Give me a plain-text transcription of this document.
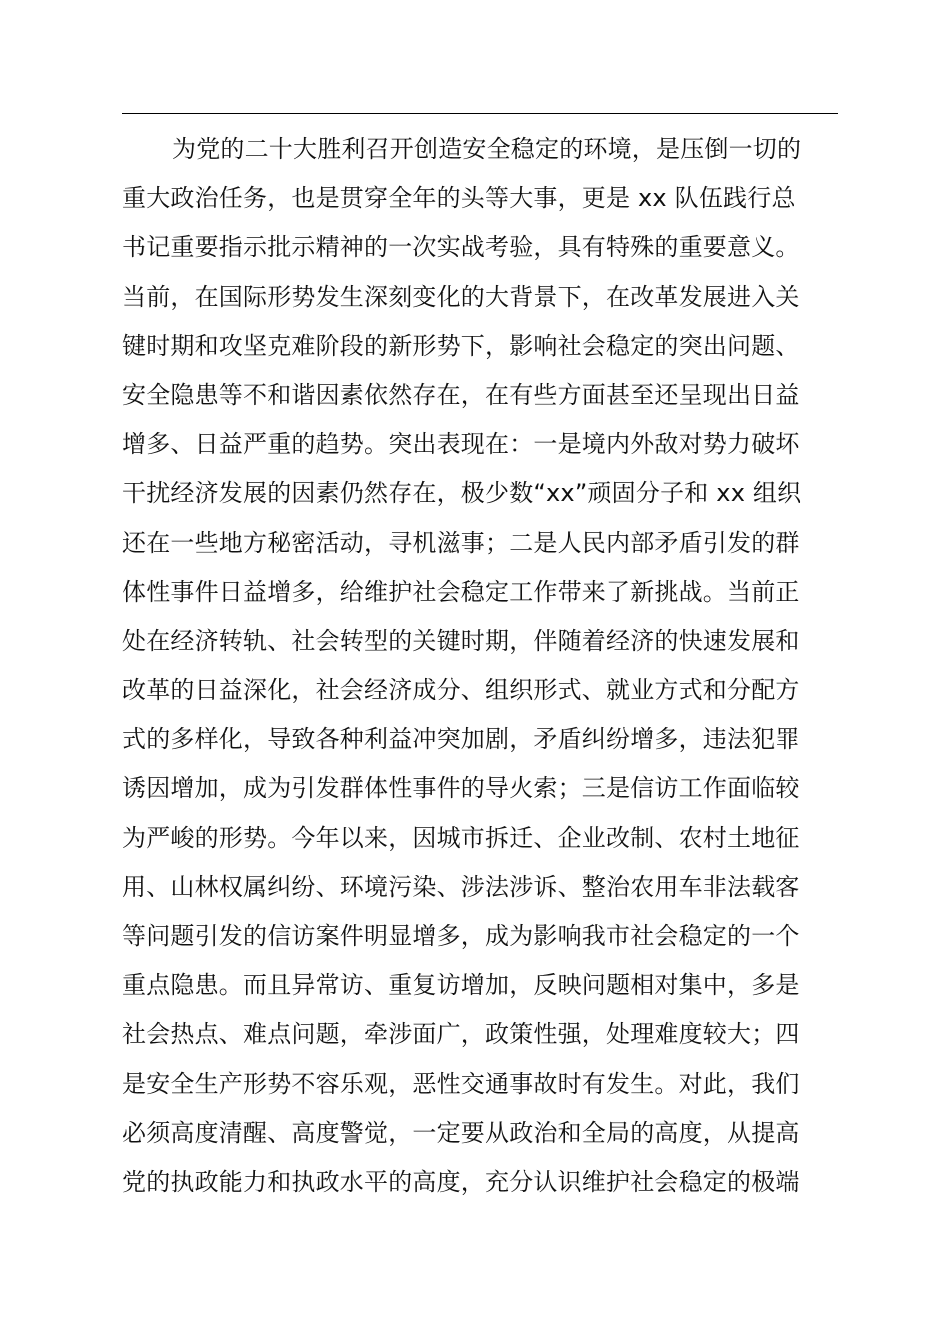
为党的二十大胜利召开创造安全稳定的环境，是压倒一切的
重大政治任务，也是贯穿全年的头等大事，更是 xx 队伍践行总
书记重要指示批示精神的一次实战考验，具有特殊的重要意义。
当前，在国际形势发生深刻变化的大背景下，在改革发展进入关
键时期和攻坚克难阶段的新形势下，影响社会稳定的突出问题、
安全隐患等不和谐因素依然存在，在有些方面甚至还呈现出日益
增多、日益严重的趋势。突出表现在：一是境内外敌对势力破坏
干扰经济发展的因素仍然存在，极少数“xx”顽固分子和 xx 组织
还在一些地方秘密活动，寻机滋事；二是人民内部矛盾引发的群
体性事件日益增多，给维护社会稳定工作带来了新挑战。当前正
处在经济转轨、社会转型的关键时期，伴随着经济的快速发展和
改革的日益深化，社会经济成分、组织形式、就业方式和分配方
式的多样化，导致各种利益冲突加剧，矛盾纠纷增多，违法犯罪
诱因增加，成为引发群体性事件的导火索；三是信访工作面临较
为严峻的形势。今年以来，因城市拆迁、企业改制、农村土地征
用、山林权属纠纷、环境污染、涉法涉诉、整治农用车非法载客
等问题引发的信访案件明显增多，成为影响我市社会稳定的一个
重点隐患。而且异常访、重复访增加，反映问题相对集中，多是
社会热点、难点问题，牵涉面广，政策性强，处理难度较大；四
是安全生产形势不容乐观，恶性交通事故时有发生。对此，我们
必须高度清醒、高度警觉，一定要从政治和全局的高度，从提高
党的执政能力和执政水平的高度，充分认识维护社会稳定的极端
